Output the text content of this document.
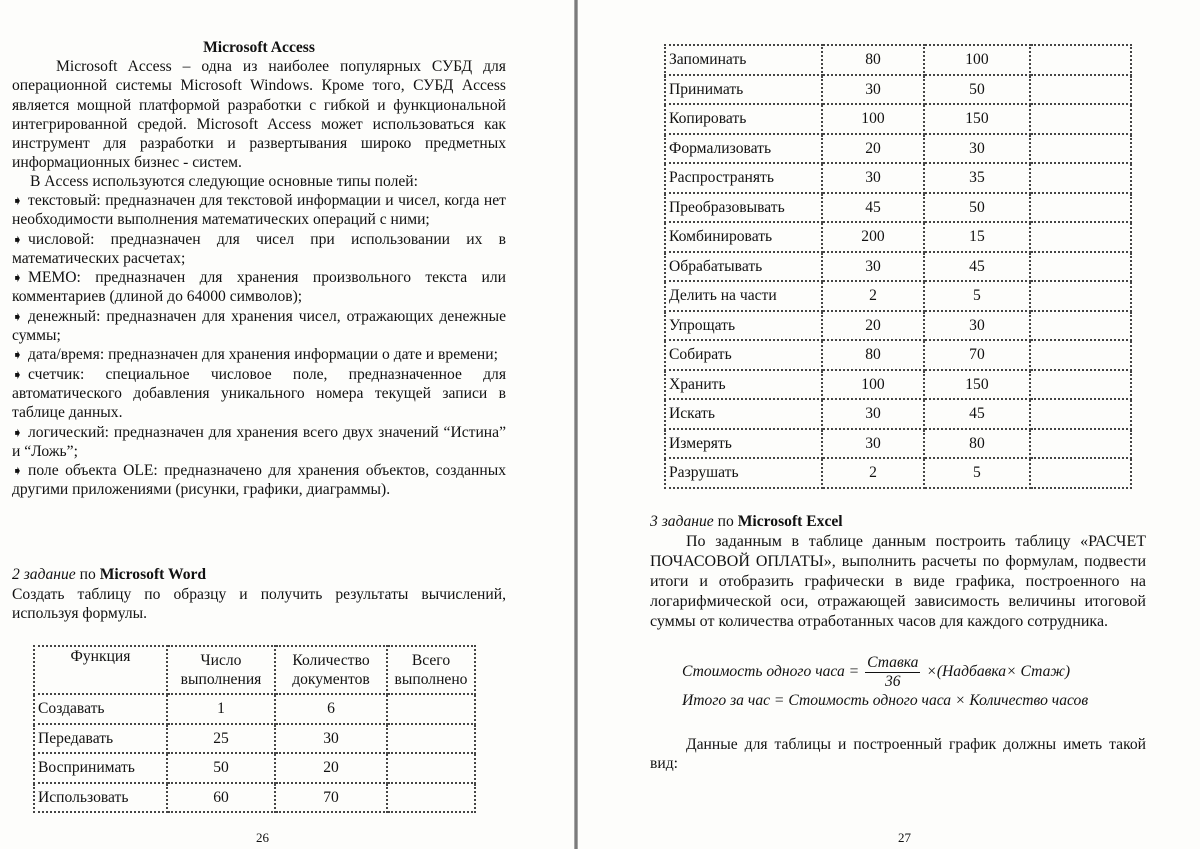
Microsoft Access
Microsoft Access – одна из наиболее популярных СУБД для операционной системы Microsoft Windows. Кроме того, СУБД Access является мощной платформой разработки с гибкой и функциональной интегрированной средой. Microsoft Access может использоваться как инструмент для разработки и развертывания широко предметных информационных бизнес - систем.
В Access используются следующие основные типы полей:
➧ текстовый: предназначен для текстовой информации и чисел, когда нет необходимости выполнения математических операций с ними;
➧ числовой: предназначен для чисел при использовании их в математических расчетах;
➧ МЕМО: предназначен для хранения произвольного текста или комментариев (длиной до 64000 символов);
➧ денежный: предназначен для хранения чисел, отражающих денежные суммы;
➧ дата/время: предназначен для хранения информации о дате и времени;
➧ счетчик: специальное числовое поле, предназначенное для автоматического добавления уникального номера текущей записи в таблице данных.
➧ логический: предназначен для хранения всего двух значений “Истина” и “Ложь”;
➧ поле объекта OLE: предназначено для хранения объектов, созданных другими приложениями (рисунки, графики, диаграммы).
2 задание по Microsoft Word
Создать таблицу по образцу и получить результаты вычислений, используя формулы.
Функция	Число выполнения	Количество документов	Всего выполнено
Создавать	1	6	
Передавать	25	30	
Воспринимать	50	20	
Использовать	60	70	
26
Запоминать	80	100	
Принимать	30	50	
Копировать	100	150	
Формализовать	20	30	
Распространять	30	35	
Преобразовывать	45	50	
Комбинировать	200	15	
Обрабатывать	30	45	
Делить на части	2	5	
Упрощать	20	30	
Собирать	80	70	
Хранить	100	150	
Искать	30	45	
Измерять	30	80	
Разрушать	2	5	
3 задание по Microsoft Excel
По заданным в таблице данным построить таблицу «РАСЧЕТ ПОЧАСОВОЙ ОПЛАТЫ», выполнить расчеты по формулам, подвести итоги и отобразить графически в виде графика, построенного на логарифмической оси, отражающей зависимость величины итоговой суммы от количества отработанных часов для каждого сотрудника.
Стоимость одного часа = $\frac{\text{Ставка}}{36}$ ×(Надбавка× Стаж)
Итого за час = Стоимость одного часа × Количество часов
Данные для таблицы и построенный график должны иметь такой вид:
27
